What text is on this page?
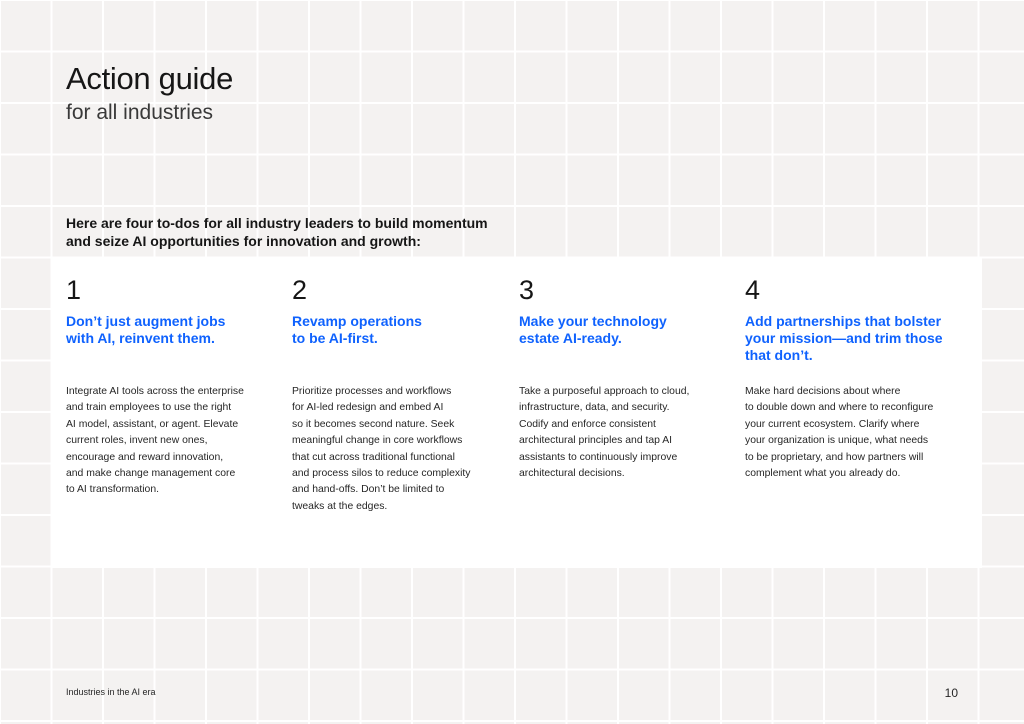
Action guide

for all industries

Here are four to-dos for all industry leaders to build momentum and seize AI opportunities for innovation and growth:

1
Don’t just augment jobs
with AI, reinvent them.

Integrate AI tools across the enterprise
and train employees to use the right
AI model, assistant, or agent. Elevate
current roles, invent new ones,
encourage and reward innovation,
and make change management core
to AI transformation.

2
Revamp operations
to be AI-first.

Prioritize processes and workflows
for AI-led redesign and embed AI
so it becomes second nature. Seek
meaningful change in core workflows
that cut across traditional functional
and process silos to reduce complexity
and hand-offs. Don’t be limited to
tweaks at the edges.

3
Make your technology
estate AI-ready.

Take a purposeful approach to cloud,
infrastructure, data, and security.
Codify and enforce consistent
architectural principles and tap AI
assistants to continuously improve
architectural decisions.

4
Add partnerships that bolster
your mission—and trim those
that don’t.

Make hard decisions about where
to double down and where to reconfigure
your current ecosystem. Clarify where
your organization is unique, what needs
to be proprietary, and how partners will
complement what you already do.

Industries in the AI era	10
